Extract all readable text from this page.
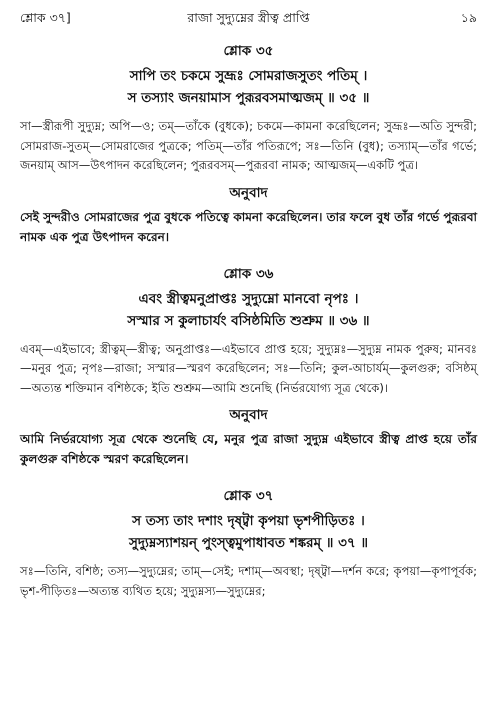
শ্লোক ৩৭]	রাজা সুদ্যুম্নের স্ত্রীত্ব প্রাপ্তি	১৯
শ্লোক ৩৫
সাপি তং চকমে সুভ্রূঃ সোমরাজসুতং পতিম্ ।
স তস্যাং জনয়ামাস পুরূরবসমাত্মজম্ ॥ ৩৫ ॥
সা—স্ত্রীরূপী সুদ্যুম্ন; অপি—ও; তম্—তাঁকে (বুধকে); চকমে—কামনা করেছিলেন; সুভ্রূঃ—অতি সুন্দরী; সোমরাজ-সুতম্—সোমরাজের পুত্রকে; পতিম্—তাঁর পতিরূপে; সঃ—তিনি (বুধ); তস্যাম্—তাঁর গর্ভে; জনয়াম্ আস—উৎপাদন করেছিলেন; পুরূরবসম্—পুরূরবা নামক; আত্মজম্—একটি পুত্র।
অনুবাদ
সেই সুন্দরীও সোমরাজের পুত্র বুধকে পতিত্বে কামনা করেছিলেন। তার ফলে বুধ তাঁর গর্ভে পুরূরবা নামক এক পুত্র উৎপাদন করেন।
শ্লোক ৩৬
এবং স্ত্রীত্বমনুপ্রাপ্তঃ সুদ্যুম্নো মানবো নৃপঃ ।
সস্মার স কুলাচার্যং বসিষ্ঠমিতি শুশ্রুম ॥ ৩৬ ॥
এবম্—এইভাবে; স্ত্রীত্বম্—স্ত্রীত্ব; অনুপ্রাপ্তঃ—এইভাবে প্রাপ্ত হয়ে; সুদ্যুম্নঃ—সুদ্যুম্ন নামক পুরুষ; মানবঃ—মনুর পুত্র; নৃপঃ—রাজা; সস্মার—স্মরণ করেছিলেন; সঃ—তিনি; কুল-আচার্যম্—কুলগুরু; বসিষ্ঠম্—অত্যন্ত শক্তিমান বশিষ্ঠকে; ইতি শুশ্রুম—আমি শুনেছি (নির্ভরযোগ্য সূত্র থেকে)।
অনুবাদ
আমি নির্ভরযোগ্য সূত্র থেকে শুনেছি যে, মনুর পুত্র রাজা সুদ্যুম্ন এইভাবে স্ত্রীত্ব প্রাপ্ত হয়ে তাঁর কুলগুরু বশিষ্ঠকে স্মরণ করেছিলেন।
শ্লোক ৩৭
স তস্য তাং দশাং দৃষ্ট্বা কৃপয়া ভৃশপীড়িতঃ ।
সুদ্যুম্নস্যাশয়ন্ পুংস্ত্বমুপাধাবত শঙ্করম্ ॥ ৩৭ ॥
সঃ—তিনি, বশিষ্ঠ; তস্য—সুদ্যুম্নের; তাম্—সেই; দশাম্—অবস্থা; দৃষ্ট্বা—দর্শন করে; কৃপয়া—কৃপাপূর্বক; ভৃশ-পীড়িতঃ—অত্যন্ত ব্যথিত হয়ে; সুদ্যুম্নস্য—সুদ্যুম্নের;
